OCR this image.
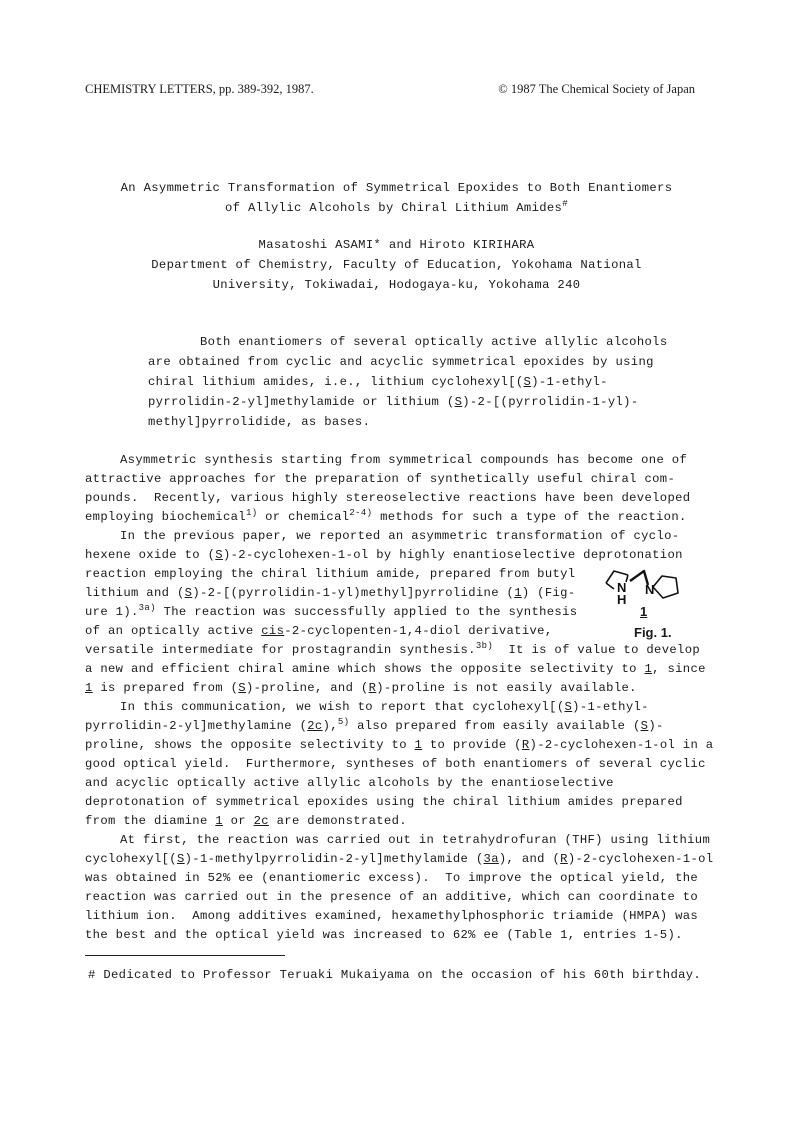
CHEMISTRY LETTERS, pp. 389-392, 1987.	© 1987 The Chemical Society of Japan
An Asymmetric Transformation of Symmetrical Epoxides to Both Enantiomers
of Allylic Alcohols by Chiral Lithium Amides#
Masatoshi ASAMI* and Hiroto KIRIHARA
Department of Chemistry, Faculty of Education, Yokohama National
University, Tokiwadai, Hodogaya-ku, Yokohama 240
Both enantiomers of several optically active allylic alcohols
are obtained from cyclic and acyclic symmetrical epoxides by using
chiral lithium amides, i.e., lithium cyclohexyl[(S)-1-ethyl-
pyrrolidin-2-yl]methylamide or lithium (S)-2-[(pyrrolidin-1-yl)-
methyl]pyrrolidide, as bases.
Asymmetric synthesis starting from symmetrical compounds has become one of
attractive approaches for the preparation of synthetically useful chiral com-
pounds.  Recently, various highly stereoselective reactions have been developed
employing biochemical$^{1)}$ or chemical$^{2-4)}$ methods for such a type of the reaction.
In the previous paper, we reported an asymmetric transformation of cyclo-
hexene oxide to (S)-2-cyclohexen-1-ol by highly enantioselective deprotonation
reaction employing the chiral lithium amide, prepared from butyl
lithium and (S)-2-[(pyrrolidin-1-yl)methyl]pyrrolidine (1) (Fig-
ure 1).$^{3a)}$ The reaction was successfully applied to the synthesis
of an optically active cis-2-cyclopenten-1,4-diol derivative,
versatile intermediate for prostagrandin synthesis.$^{3b)}$  It is of value to develop
a new and efficient chiral amine which shows the opposite selectivity to 1, since
1 is prepared from (S)-proline, and (R)-proline is not easily available.
In this communication, we wish to report that cyclohexyl[(S)-1-ethyl-
pyrrolidin-2-yl]methylamine (2c),$^{5)}$ also prepared from easily available (S)-
proline, shows the opposite selectivity to 1 to provide (R)-2-cyclohexen-1-ol in a
good optical yield.  Furthermore, syntheses of both enantiomers of several cyclic
and acyclic optically active allylic alcohols by the enantioselective
deprotonation of symmetrical epoxides using the chiral lithium amides prepared
from the diamine 1 or 2c are demonstrated.
At first, the reaction was carried out in tetrahydrofuran (THF) using lithium
cyclohexyl[(S)-1-methylpyrrolidin-2-yl]methylamide (3a), and (R)-2-cyclohexen-1-ol
was obtained in 52% ee (enantiomeric excess).  To improve the optical yield, the
reaction was carried out in the presence of an additive, which can coordinate to
lithium ion.  Among additives examined, hexamethylphosphoric triamide (HMPA) was
the best and the optical yield was increased to 62% ee (Table 1, entries 1-5).
# Dedicated to Professor Teruaki Mukaiyama on the occasion of his 60th birthday.
N
H
N
1
Fig. 1.
